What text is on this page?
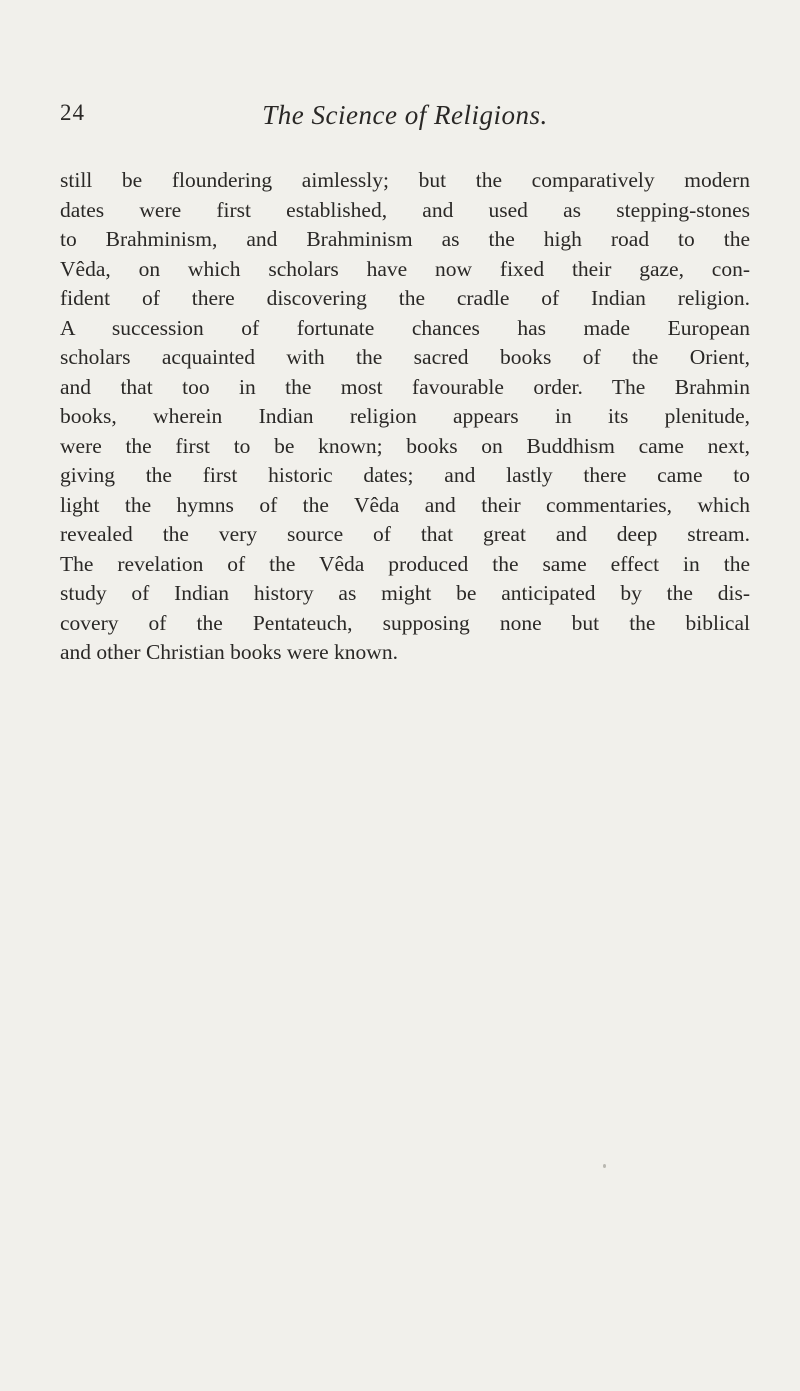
24	The Science of Religions.
still be floundering aimlessly; but the comparatively modern
dates were first established, and used as stepping-stones
to Brahminism, and Brahminism as the high road to the
Vêda, on which scholars have now fixed their gaze, con-
fident of there discovering the cradle of Indian religion.
A succession of fortunate chances has made European
scholars acquainted with the sacred books of the Orient,
and that too in the most favourable order. The Brahmin
books, wherein Indian religion appears in its plenitude,
were the first to be known; books on Buddhism came next,
giving the first historic dates; and lastly there came to
light the hymns of the Vêda and their commentaries, which
revealed the very source of that great and deep stream.
The revelation of the Vêda produced the same effect in the
study of Indian history as might be anticipated by the dis-
covery of the Pentateuch, supposing none but the biblical
and other Christian books were known.
